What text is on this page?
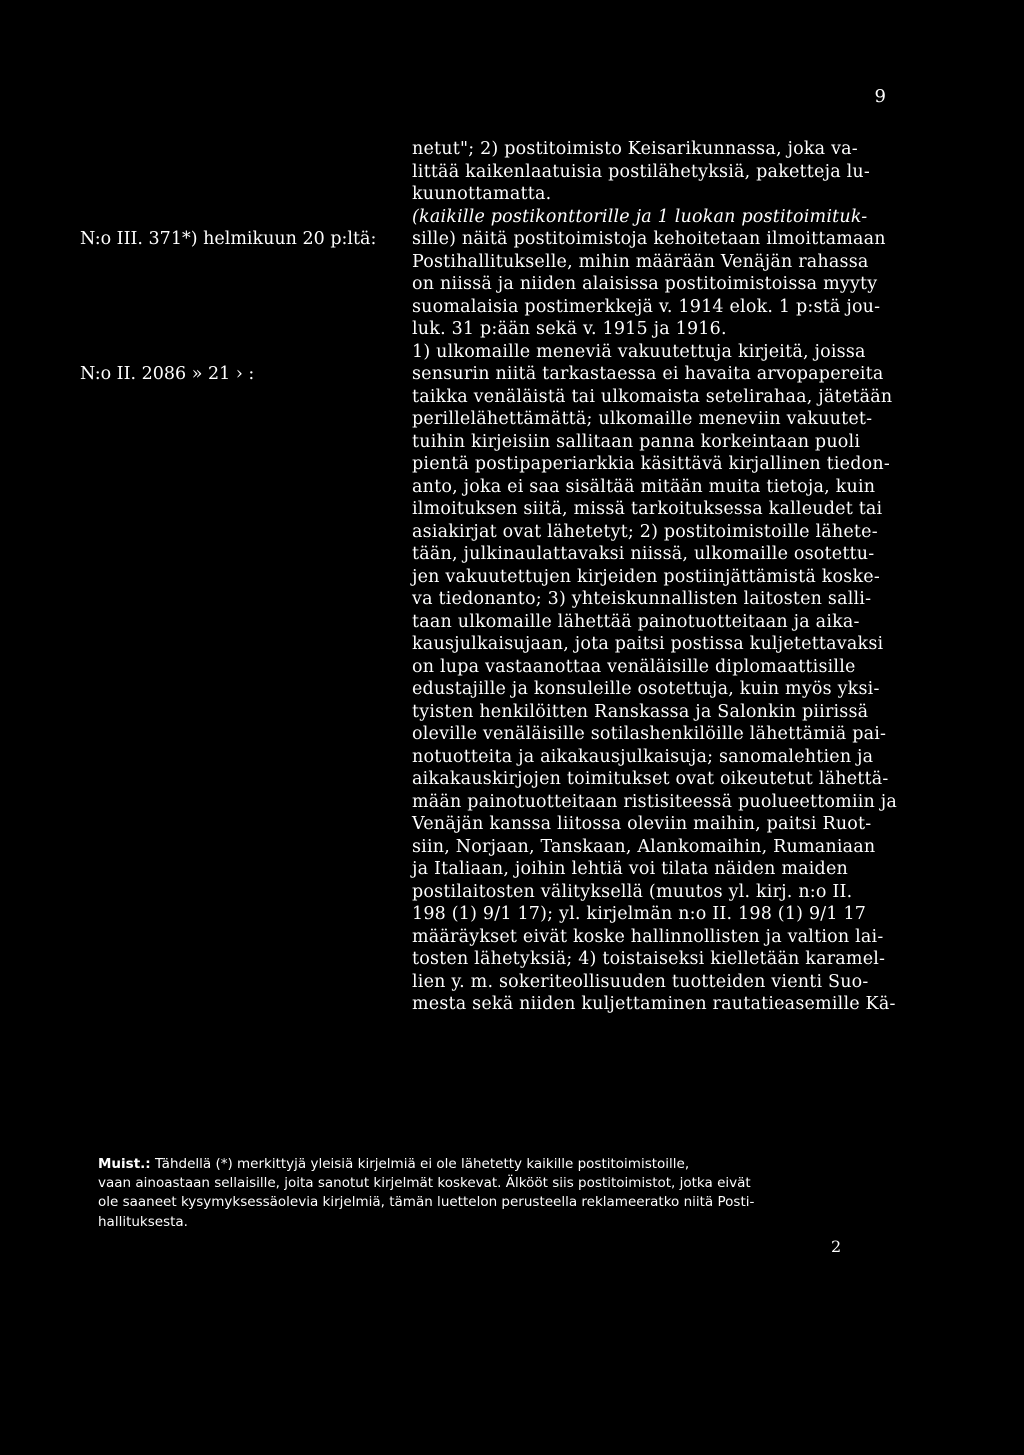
9
N:o III. 371*) helmikuun 20 p:ltä:
N:o II. 2086 » 21 › :
netut"; 2) postitoimisto Keisarikunnassa, joka va-
littää kaikenlaatuisia postilähetyksiä, paketteja lu-
kuunottamatta.
(kaikille postikonttorille ja 1 luokan postitoimituk-
sille) näitä postitoimistoja kehoitetaan ilmoittamaan
Postihallitukselle, mihin määrään Venäjän rahassa
on niissä ja niiden alaisissa postitoimistoissa myyty
suomalaisia postimerkkejä v. 1914 elok. 1 p:stä jou-
luk. 31 p:ään sekä v. 1915 ja 1916.
1) ulkomaille meneviä vakuutettuja kirjeitä, joissa
sensurin niitä tarkastaessa ei havaita arvopapereita
taikka venäläistä tai ulkomaista setelirahaa, jätetään
perillelähettämättä; ulkomaille meneviin vakuutet-
tuihin kirjeisiin sallitaan panna korkeintaan puoli
pientä postipaperiarkkia käsittävä kirjallinen tiedon-
anto, joka ei saa sisältää mitään muita tietoja, kuin
ilmoituksen siitä, missä tarkoituksessa kalleudet tai
asiakirjat ovat lähetetyt; 2) postitoimistoille lähete-
tään, julkinaulattavaksi niissä, ulkomaille osotettu-
jen vakuutettujen kirjeiden postiinjättämistä koske-
va tiedonanto; 3) yhteiskunnallisten laitosten salli-
taan ulkomaille lähettää painotuotteitaan ja aika-
kausjulkaisujaan, jota paitsi postissa kuljetettavaksi
on lupa vastaanottaa venäläisille diplomaattisille
edustajille ja konsuleille osotettuja, kuin myös yksi-
tyisten henkilöitten Ranskassa ja Salonkin piirissä
oleville venäläisille sotilashenkilöille lähettämiä pai-
notuotteita ja aikakausjulkaisuja; sanomalehtien ja
aikakauskirjojen toimitukset ovat oikeutetut lähettä-
mään painotuotteitaan ristisiteessä puolueettomiin ja
Venäjän kanssa liitossa oleviin maihin, paitsi Ruot-
siin, Norjaan, Tanskaan, Alankomaihin, Rumaniaan
ja Italiaan, joihin lehtiä voi tilata näiden maiden
postilaitosten välityksellä (muutos yl. kirj. n:o II.
198 (1) 9/1 17); yl. kirjelmän n:o II. 198 (1) 9/1 17
määräykset eivät koske hallinnollisten ja valtion lai-
tosten lähetyksiä; 4) toistaiseksi kielletään karamel-
lien y. m. sokeriteollisuuden tuotteiden vienti Suo-
mesta sekä niiden kuljettaminen rautatieasemille Kä-
Muist.: Tähdellä (*) merkittyjä yleisiä kirjelmiä ei ole lähetetty kaikille postitoimistoille,
vaan ainoastaan sellaisille, joita sanotut kirjelmät koskevat. Älkööt siis postitoimistot, jotka eivät
ole saaneet kysymyksessäolevia kirjelmiä, tämän luettelon perusteella reklameeratko niitä Posti-
hallituksesta.
2
